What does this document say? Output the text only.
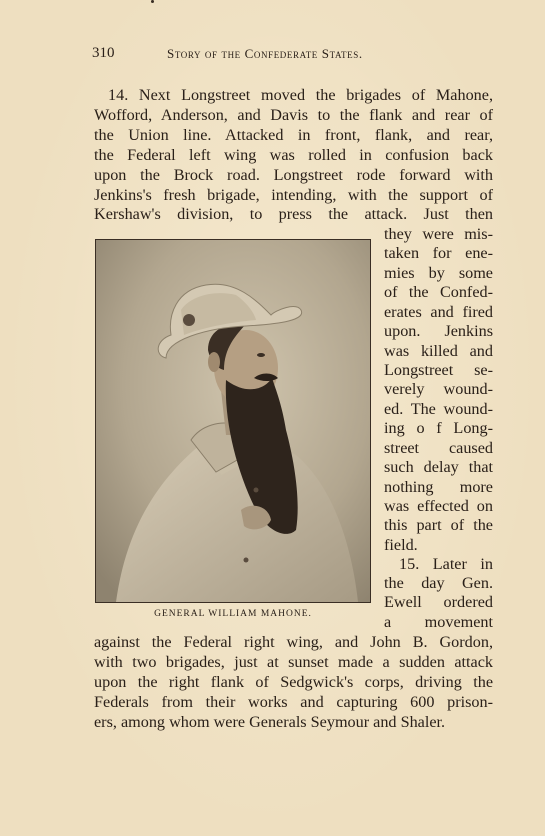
310	Story of the Confederate States.
14. Next Longstreet moved the brigades of Mahone,
Wofford, Anderson, and Davis to the flank and rear of
the Union line. Attacked in front, flank, and rear,
the Federal left wing was rolled in confusion back
upon the Brock road. Longstreet rode forward with
Jenkins's fresh brigade, intending, with the support of
Kershaw's division, to press the attack. Just then
they were mis-
taken for ene-
mies by some
of the Confed-
erates and fired
upon. Jenkins
was killed and
Longstreet se-
verely wound-
ed. The wound-
ing o f Long-
street caused
such delay that
nothing more
was effected on
this part of the
field.
15. Later in
the day Gen.
Ewell ordered
a movement
against the Federal right wing, and John B. Gordon,
with two brigades, just at sunset made a sudden attack
upon the right flank of Sedgwick's corps, driving the
Federals from their works and capturing 600 prison-
ers, among whom were Generals Seymour and Shaler.
GENERAL WILLIAM MAHONE.
